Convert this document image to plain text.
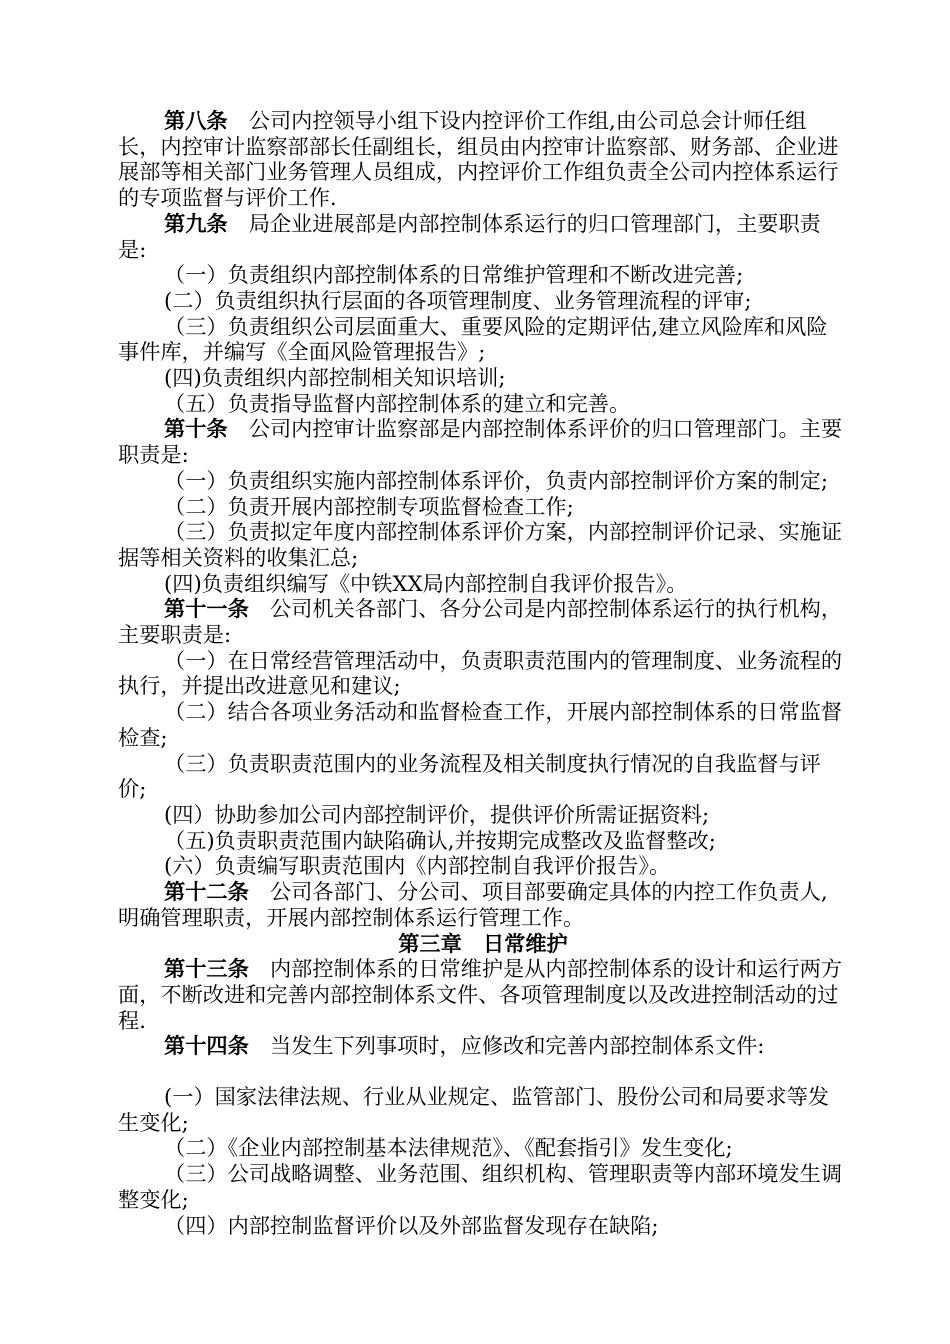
第八条　公司内控领导小组下设内控评价工作组,由公司总会计师任组长，内控审计监察部部长任副组长，组员由内控审计监察部、财务部、企业进展部等相关部门业务管理人员组成，内控评价工作组负责全公司内控体系运行的专项监督与评价工作.

第九条　局企业进展部是内部控制体系运行的归口管理部门，主要职责是:

（一）负责组织内部控制体系的日常维护管理和不断改进完善;

(二）负责组织执行层面的各项管理制度、业务管理流程的评审;

（三）负责组织公司层面重大、重要风险的定期评估,建立风险库和风险事件库，并编写《全面风险管理报告》;

(四)负责组织内部控制相关知识培训;

（五）负责指导监督内部控制体系的建立和完善。

第十条　公司内控审计监察部是内部控制体系评价的归口管理部门。主要职责是:

（一）负责组织实施内部控制体系评价，负责内部控制评价方案的制定;

（二）负责开展内部控制专项监督检查工作;

（三）负责拟定年度内部控制体系评价方案，内部控制评价记录、实施证据等相关资料的收集汇总;

(四)负责组织编写《中铁XX局内部控制自我评价报告》。

第十一条　公司机关各部门、各分公司是内部控制体系运行的执行机构，主要职责是:

（一）在日常经营管理活动中，负责职责范围内的管理制度、业务流程的执行，并提出改进意见和建议;

（二）结合各项业务活动和监督检查工作，开展内部控制体系的日常监督检查;

（三）负责职责范围内的业务流程及相关制度执行情况的自我监督与评价;

(四）协助参加公司内部控制评价，提供评价所需证据资料;

（五)负责职责范围内缺陷确认,并按期完成整改及监督整改;

(六）负责编写职责范围内《内部控制自我评价报告》。

第十二条　公司各部门、分公司、项目部要确定具体的内控工作负责人,明确管理职责，开展内部控制体系运行管理工作。

第三章　日常维护

第十三条　内部控制体系的日常维护是从内部控制体系的设计和运行两方面，不断改进和完善内部控制体系文件、各项管理制度以及改进控制活动的过程.

第十四条　当发生下列事项时，应修改和完善内部控制体系文件:

(一）国家法律法规、行业从业规定、监管部门、股份公司和局要求等发生变化;

（二）《企业内部控制基本法律规范》、《配套指引》发生变化;

（三）公司战略调整、业务范围、组织机构、管理职责等内部环境发生调整变化;

（四）内部控制监督评价以及外部监督发现存在缺陷;
